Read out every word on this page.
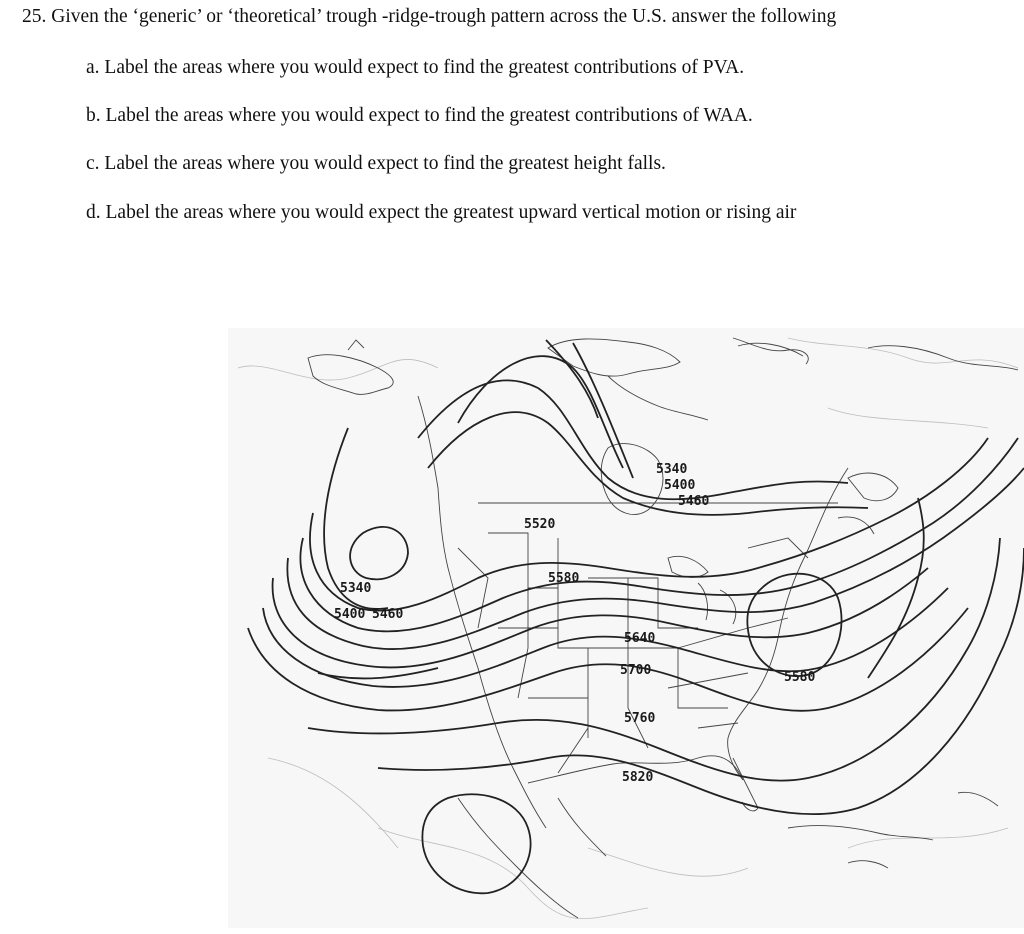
25. Given the ‘generic’ or ‘theoretical’ trough -ridge-trough pattern across the U.S. answer the following
a. Label the areas where you would expect to find the greatest contributions of PVA.
b. Label the areas where you would expect to find the greatest contributions of WAA.
c. Label the areas where you would expect to find the greatest height falls.
d. Label the areas where you would expect the greatest upward vertical motion or rising air
5340
5400 5460
5340
5400
5460
5520
5580
5640
5700
5760
5820
5580
